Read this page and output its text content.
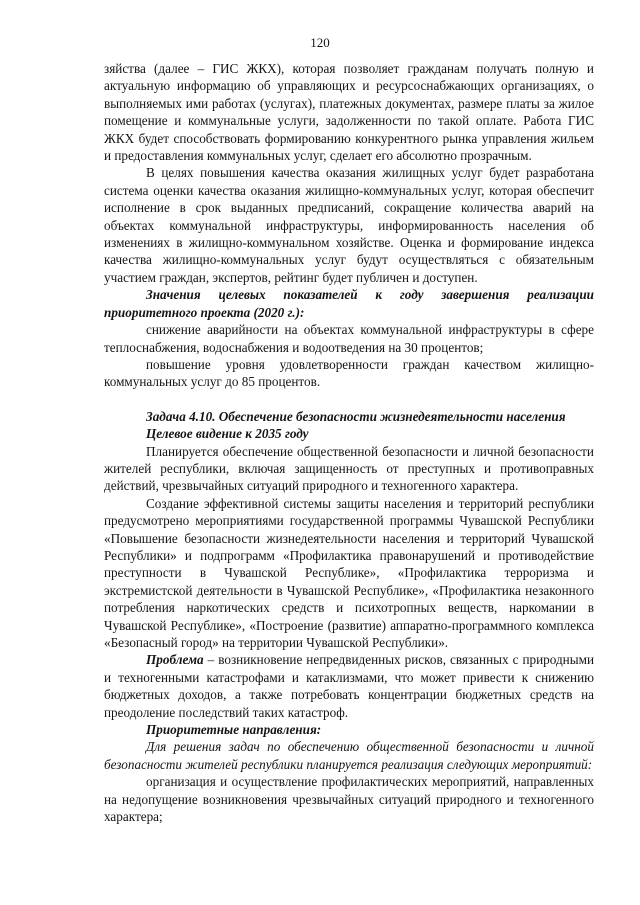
120

зяйства (далее – ГИС ЖКХ), которая позволяет гражданам получать полную и актуальную информацию об управляющих и ресурсоснабжающих организациях, о выполняемых ими работах (услугах), платежных документах, размере платы за жилое помещение и коммунальные услуги, задолженности по такой оплате. Работа ГИС ЖКХ будет способствовать формированию конкурентного рынка управления жильем и предоставления коммунальных услуг, сделает его абсолютно прозрачным.

В целях повышения качества оказания жилищных услуг будет разработана система оценки качества оказания жилищно-коммунальных услуг, которая обеспечит исполнение в срок выданных предписаний, сокращение количества аварий на объектах коммунальной инфраструктуры, информированность населения об изменениях в жилищно-коммунальном хозяйстве. Оценка и формирование индекса качества жилищно-коммунальных услуг будут осуществляться с обязательным участием граждан, экспертов, рейтинг будет публичен и доступен.

Значения целевых показателей к году завершения реализации приоритетного проекта (2020 г.):

снижение аварийности на объектах коммунальной инфраструктуры в сфере теплоснабжения, водоснабжения и водоотведения на 30 процентов;

повышение уровня удовлетворенности граждан качеством жилищно-коммунальных услуг до 85 процентов.

Задача 4.10. Обеспечение безопасности жизнедеятельности населения

Целевое видение к 2035 году

Планируется обеспечение общественной безопасности и личной безопасности жителей республики, включая защищенность от преступных и противоправных действий, чрезвычайных ситуаций природного и техногенного характера.

Создание эффективной системы защиты населения и территорий республики предусмотрено мероприятиями государственной программы Чувашской Республики «Повышение безопасности жизнедеятельности населения и территорий Чувашской Республики» и подпрограмм «Профилактика правонарушений и противодействие преступности в Чувашской Республике», «Профилактика терроризма и экстремистской деятельности в Чувашской Республике», «Профилактика незаконного потребления наркотических средств и психотропных веществ, наркомании в Чувашской Республике», «Построение (развитие) аппаратно-программного комплекса «Безопасный город» на территории Чувашской Республики».

Проблема – возникновение непредвиденных рисков, связанных с природными и техногенными катастрофами и катаклизмами, что может привести к снижению бюджетных доходов, а также потребовать концентрации бюджетных средств на преодоление последствий таких катастроф.

Приоритетные направления:

Для решения задач по обеспечению общественной безопасности и личной безопасности жителей республики планируется реализация следующих мероприятий:

организация и осуществление профилактических мероприятий, направленных на недопущение возникновения чрезвычайных ситуаций природного и техногенного характера;
